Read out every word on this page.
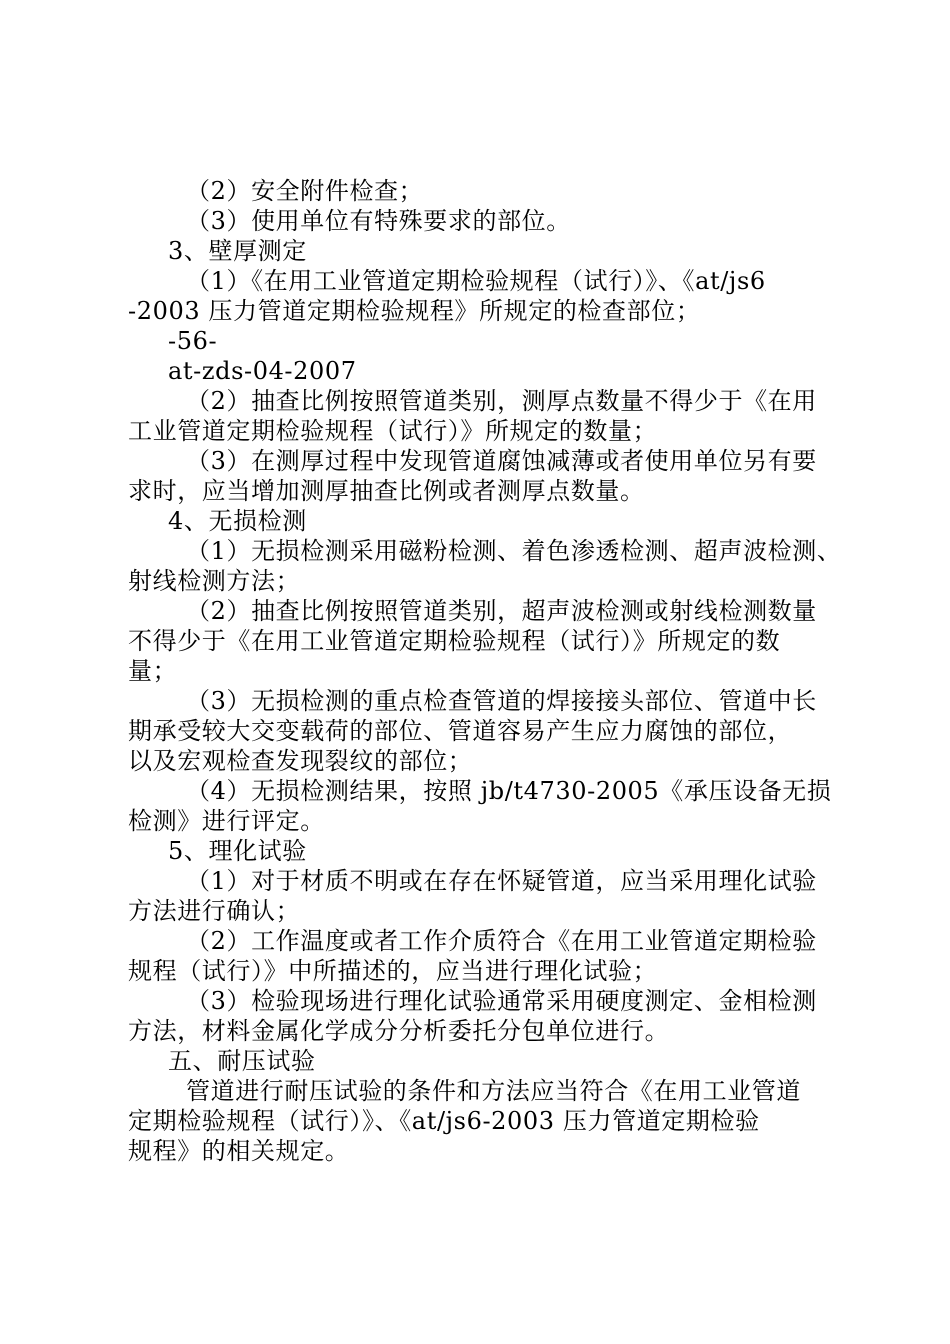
（2）安全附件检查；
（3）使用单位有特殊要求的部位。
3、壁厚测定
（1）《在用工业管道定期检验规程（试行）》、《at/js6
-2003 压力管道定期检验规程》所规定的检查部位；
-56-
at-zds-04-2007
（2）抽查比例按照管道类别，测厚点数量不得少于《在用
工业管道定期检验规程（试行）》所规定的数量；
（3）在测厚过程中发现管道腐蚀减薄或者使用单位另有要
求时，应当增加测厚抽查比例或者测厚点数量。
4、无损检测
（1）无损检测采用磁粉检测、着色渗透检测、超声波检测、
射线检测方法；
（2）抽查比例按照管道类别，超声波检测或射线检测数量
不得少于《在用工业管道定期检验规程（试行）》所规定的数
量；
（3）无损检测的重点检查管道的焊接接头部位、管道中长
期承受较大交变载荷的部位、管道容易产生应力腐蚀的部位，
以及宏观检查发现裂纹的部位；
（4）无损检测结果，按照 jb/t4730-2005《承压设备无损
检测》进行评定。
5、理化试验
（1）对于材质不明或在存在怀疑管道，应当采用理化试验
方法进行确认；
（2）工作温度或者工作介质符合《在用工业管道定期检验
规程（试行）》中所描述的，应当进行理化试验；
（3）检验现场进行理化试验通常采用硬度测定、金相检测
方法，材料金属化学成分分析委托分包单位进行。
五、耐压试验
管道进行耐压试验的条件和方法应当符合《在用工业管道
定期检验规程（试行）》、《at/js6-2003 压力管道定期检验
规程》的相关规定。
